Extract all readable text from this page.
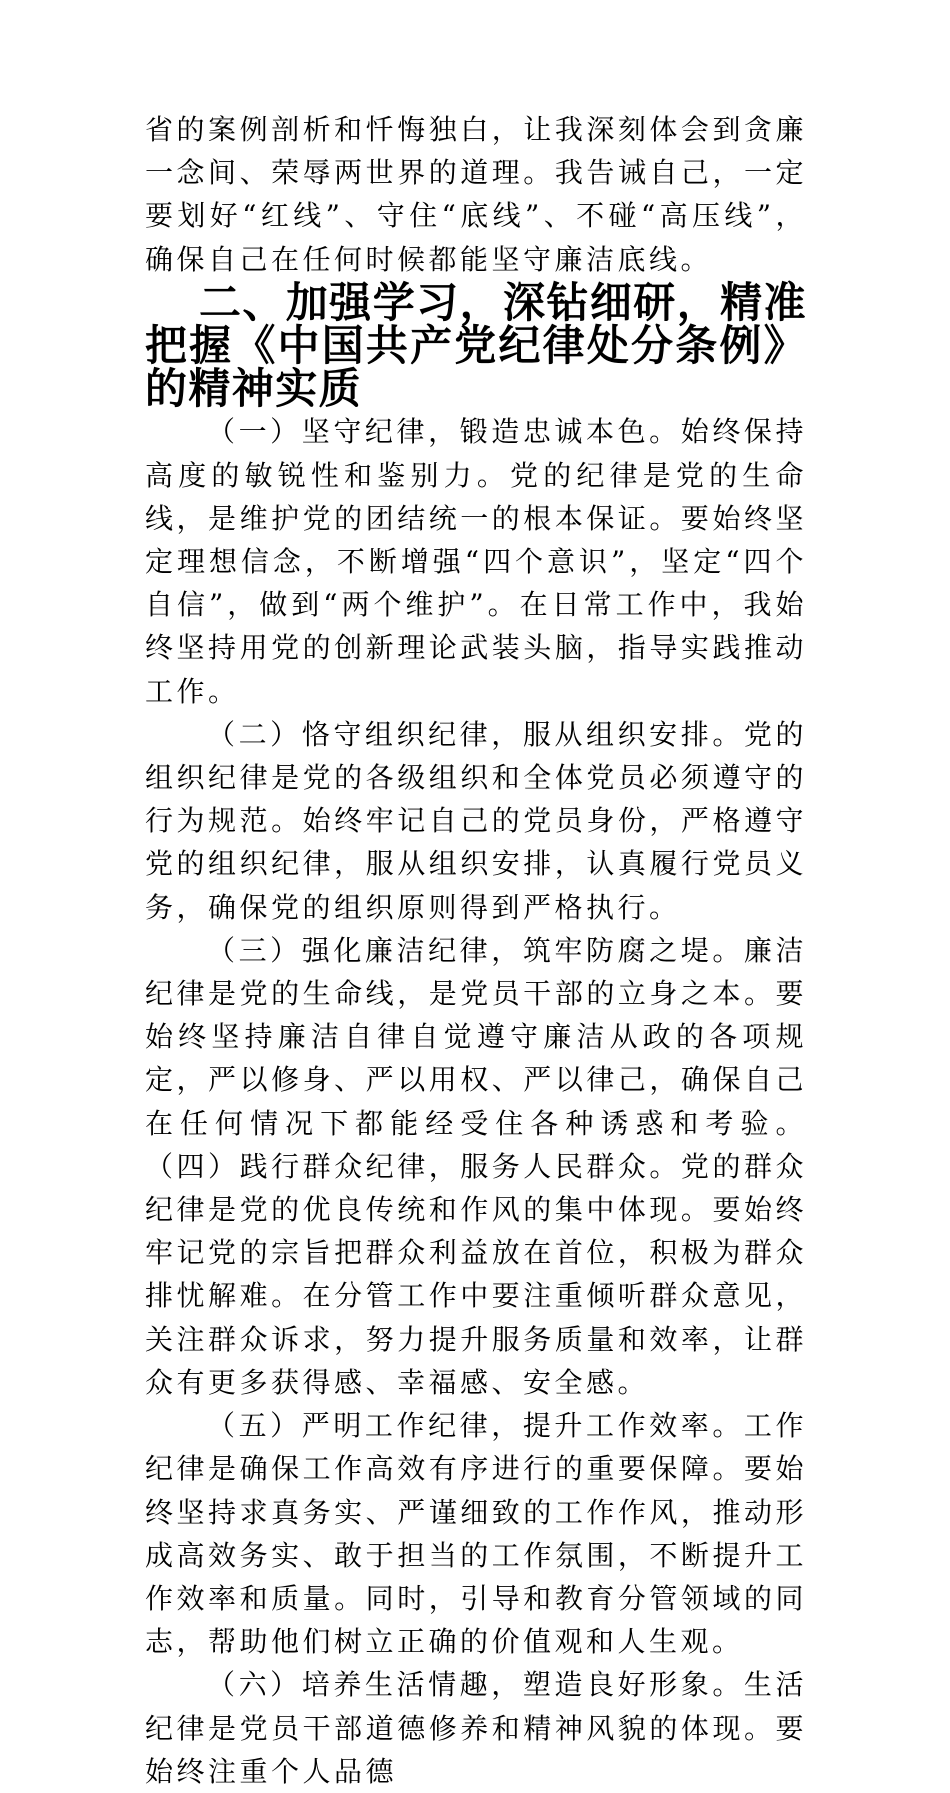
省的案例剖析和忏悔独白，让我深刻体会到贪廉一念间、荣辱两世界的道理。我告诫自己，一定要划好“红线”、守住“底线”、不碰“高压线”，确保自己在任何时候都能坚守廉洁底线。

二、加强学习，深钻细研，精准把握《中国共产党纪律处分条例》的精神实质

（一）坚守纪律，锻造忠诚本色。始终保持高度的敏锐性和鉴别力。党的纪律是党的生命线，是维护党的团结统一的根本保证。要始终坚定理想信念，不断增强“四个意识”，坚定“四个自信”，做到“两个维护”。在日常工作中，我始终坚持用党的创新理论武装头脑，指导实践推动工作。

（二）恪守组织纪律，服从组织安排。党的组织纪律是党的各级组织和全体党员必须遵守的行为规范。始终牢记自己的党员身份，严格遵守党的组织纪律，服从组织安排，认真履行党员义务，确保党的组织原则得到严格执行。

（三）强化廉洁纪律，筑牢防腐之堤。廉洁纪律是党的生命线，是党员干部的立身之本。要始终坚持廉洁自律自觉遵守廉洁从政的各项规定，严以修身、严以用权、严以律己，确保自己在任何情况下都能经受住各种诱惑和考验。（四）践行群众纪律，服务人民群众。党的群众纪律是党的优良传统和作风的集中体现。要始终牢记党的宗旨把群众利益放在首位，积极为群众排忧解难。在分管工作中要注重倾听群众意见，关注群众诉求，努力提升服务质量和效率，让群众有更多获得感、幸福感、安全感。

（五）严明工作纪律，提升工作效率。工作纪律是确保工作高效有序进行的重要保障。要始终坚持求真务实、严谨细致的工作作风，推动形成高效务实、敢于担当的工作氛围，不断提升工作效率和质量。同时，引导和教育分管领域的同志，帮助他们树立正确的价值观和人生观。

（六）培养生活情趣，塑造良好形象。生活纪律是党员干部道德修养和精神风貌的体现。要始终注重个人品德
